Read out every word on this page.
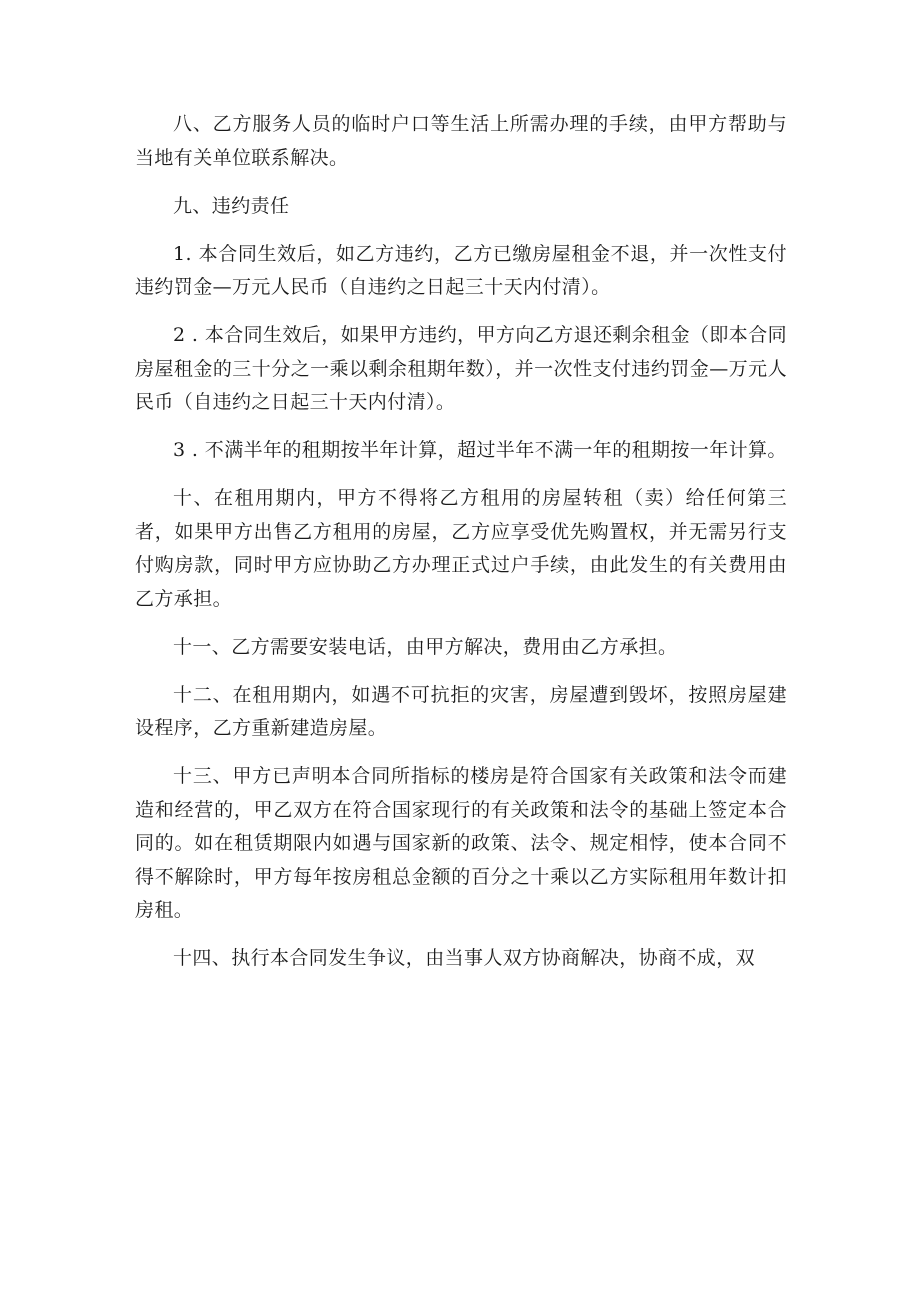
八、乙方服务人员的临时户口等生活上所需办理的手续，由甲方帮助与当地有关单位联系解决。

九、违约责任

1. 本合同生效后，如乙方违约，乙方已缴房屋租金不退，并一次性支付违约罚金—万元人民币（自违约之日起三十天内付清）。

2 . 本合同生效后，如果甲方违约，甲方向乙方退还剩余租金（即本合同房屋租金的三十分之一乘以剩余租期年数），并一次性支付违约罚金—万元人民币（自违约之日起三十天内付清）。

3 . 不满半年的租期按半年计算，超过半年不满一年的租期按一年计算。

十、在租用期内，甲方不得将乙方租用的房屋转租（卖）给任何第三者，如果甲方出售乙方租用的房屋，乙方应享受优先购置权，并无需另行支付购房款，同时甲方应协助乙方办理正式过户手续，由此发生的有关费用由乙方承担。

十一、乙方需要安装电话，由甲方解决，费用由乙方承担。

十二、在租用期内，如遇不可抗拒的灾害，房屋遭到毁坏，按照房屋建设程序，乙方重新建造房屋。

十三、甲方已声明本合同所指标的楼房是符合国家有关政策和法令而建造和经营的，甲乙双方在符合国家现行的有关政策和法令的基础上签定本合同的。如在租赁期限内如遇与国家新的政策、法令、规定相悖，使本合同不得不解除时，甲方每年按房租总金额的百分之十乘以乙方实际租用年数计扣房租。

十四、执行本合同发生争议，由当事人双方协商解决，协商不成，双
